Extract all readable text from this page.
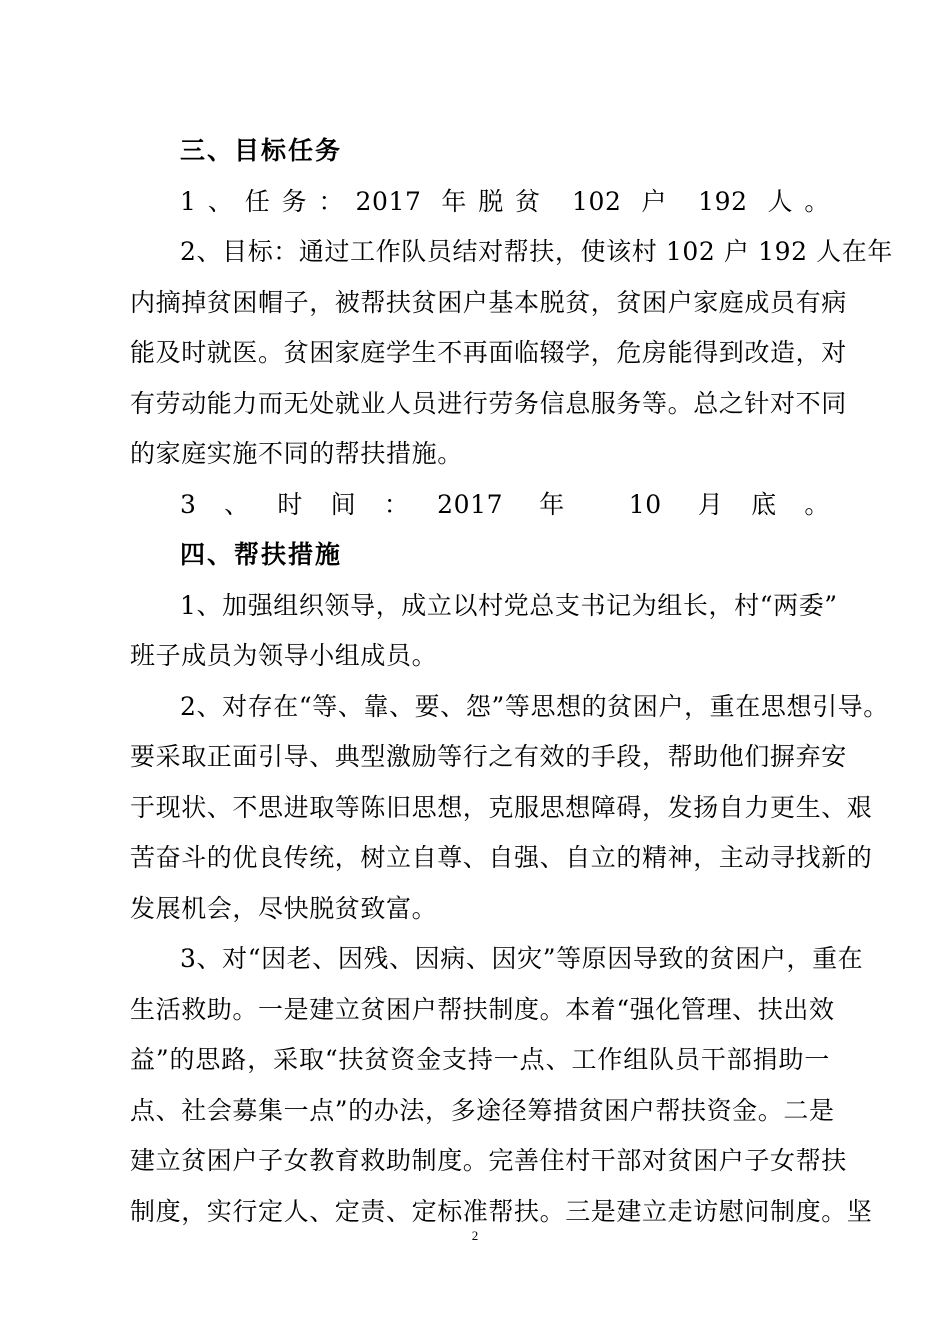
三、目标任务
1、任务：2017 年脱贫 102 户 192 人。
2、目标：通过工作队员结对帮扶，使该村 102 户 192 人在年
内摘掉贫困帽子，被帮扶贫困户基本脱贫，贫困户家庭成员有病
能及时就医。贫困家庭学生不再面临辍学，危房能得到改造，对
有劳动能力而无处就业人员进行劳务信息服务等。总之针对不同
的家庭实施不同的帮扶措施。
3、时间：2017 年 10 月底。
四、帮扶措施
1、加强组织领导，成立以村党总支书记为组长，村“两委”
班子成员为领导小组成员。
2、对存在“等、靠、要、怨”等思想的贫困户，重在思想引导。
要采取正面引导、典型激励等行之有效的手段，帮助他们摒弃安
于现状、不思进取等陈旧思想，克服思想障碍，发扬自力更生、艰
苦奋斗的优良传统，树立自尊、自强、自立的精神，主动寻找新的
发展机会，尽快脱贫致富。
3、对“因老、因残、因病、因灾”等原因导致的贫困户，重在
生活救助。一是建立贫困户帮扶制度。本着“强化管理、扶出效
益”的思路，采取“扶贫资金支持一点、工作组队员干部捐助一
点、社会募集一点”的办法，多途径筹措贫困户帮扶资金。二是
建立贫困户子女教育救助制度。完善住村干部对贫困户子女帮扶
制度，实行定人、定责、定标准帮扶。三是建立走访慰问制度。坚
2
